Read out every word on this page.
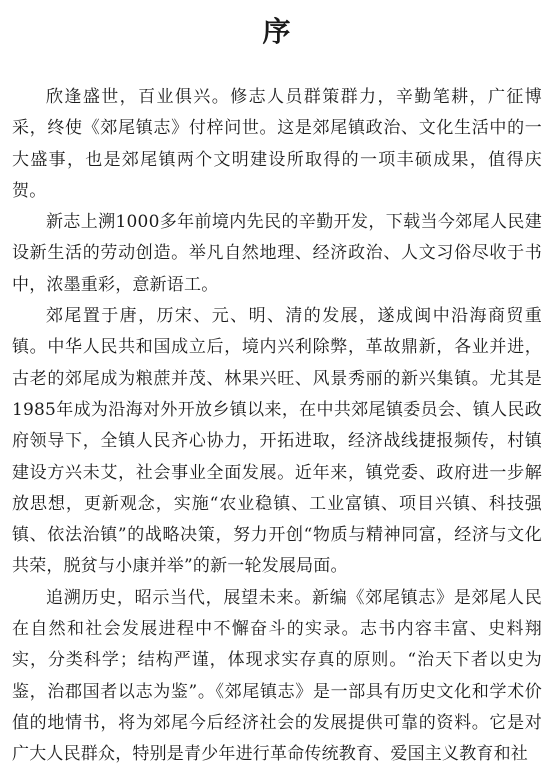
序

欣逢盛世，百业俱兴。修志人员群策群力，辛勤笔耕，广征博采，终使《郊尾镇志》付梓问世。这是郊尾镇政治、文化生活中的一大盛事，也是郊尾镇两个文明建设所取得的一项丰硕成果，值得庆贺。

新志上溯1000多年前境内先民的辛勤开发，下载当今郊尾人民建设新生活的劳动创造。举凡自然地理、经济政治、人文习俗尽收于书中，浓墨重彩，意新语工。

郊尾置于唐，历宋、元、明、清的发展，遂成闽中沿海商贸重镇。中华人民共和国成立后，境内兴利除弊，革故鼎新，各业并进，古老的郊尾成为粮蔗并茂、林果兴旺、风景秀丽的新兴集镇。尤其是1985年成为沿海对外开放乡镇以来，在中共郊尾镇委员会、镇人民政府领导下，全镇人民齐心协力，开拓进取，经济战线捷报频传，村镇建设方兴未艾，社会事业全面发展。近年来，镇党委、政府进一步解放思想，更新观念，实施“农业稳镇、工业富镇、项目兴镇、科技强镇、依法治镇”的战略决策，努力开创“物质与精神同富，经济与文化共荣，脱贫与小康并举”的新一轮发展局面。

追溯历史，昭示当代，展望未来。新编《郊尾镇志》是郊尾人民在自然和社会发展进程中不懈奋斗的实录。志书内容丰富、史料翔实，分类科学；结构严谨，体现求实存真的原则。“治天下者以史为鉴，治郡国者以志为鉴”。《郊尾镇志》是一部具有历史文化和学术价值的地情书，将为郊尾今后经济社会的发展提供可靠的资料。它是对广大人民群众，特别是青少年进行革命传统教育、爱国主义教育和社
